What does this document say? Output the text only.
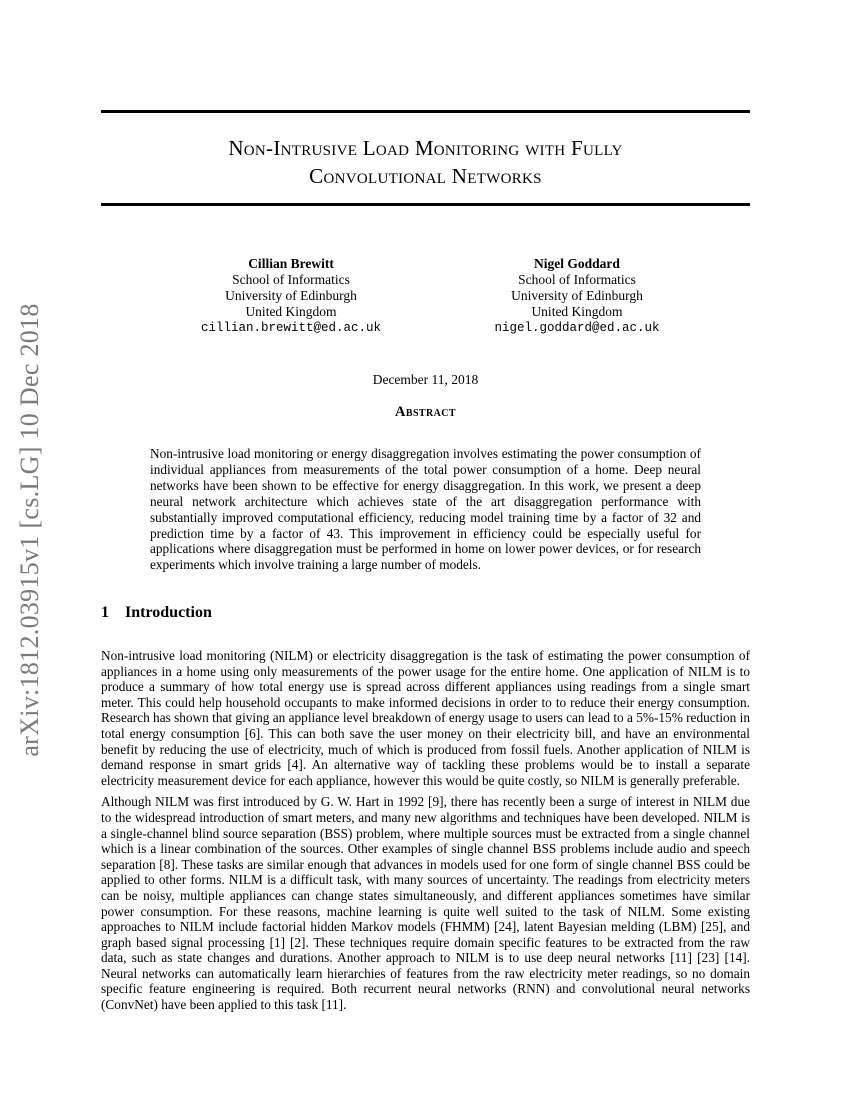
arXiv:1812.03915v1 [cs.LG] 10 Dec 2018
Non-Intrusive Load Monitoring with Fully
Convolutional Networks
Cillian Brewitt
School of Informatics
University of Edinburgh
United Kingdom
cillian.brewitt@ed.ac.uk
Nigel Goddard
School of Informatics
University of Edinburgh
United Kingdom
nigel.goddard@ed.ac.uk
December 11, 2018
Abstract
Non-intrusive load monitoring or energy disaggregation involves estimating the power consumption of individual appliances from measurements of the total power consumption of a home. Deep neural networks have been shown to be effective for energy disaggregation. In this work, we present a deep neural network architecture which achieves state of the art disaggregation performance with substantially improved computational efficiency, reducing model training time by a factor of 32 and prediction time by a factor of 43. This improvement in efficiency could be especially useful for applications where disaggregation must be performed in home on lower power devices, or for research experiments which involve training a large number of models.
1 Introduction

Non-intrusive load monitoring (NILM) or electricity disaggregation is the task of estimating the power consumption of appliances in a home using only measurements of the power usage for the entire home. One application of NILM is to produce a summary of how total energy use is spread across different appliances using readings from a single smart meter. This could help household occupants to make informed decisions in order to to reduce their energy consumption. Research has shown that giving an appliance level breakdown of energy usage to users can lead to a 5%-15% reduction in total energy consumption [6]. This can both save the user money on their electricity bill, and have an environmental benefit by reducing the use of electricity, much of which is produced from fossil fuels. Another application of NILM is demand response in smart grids [4]. An alternative way of tackling these problems would be to install a separate electricity measurement device for each appliance, however this would be quite costly, so NILM is generally preferable.

Although NILM was first introduced by G. W. Hart in 1992 [9], there has recently been a surge of interest in NILM due to the widespread introduction of smart meters, and many new algorithms and techniques have been developed. NILM is a single-channel blind source separation (BSS) problem, where multiple sources must be extracted from a single channel which is a linear combination of the sources. Other examples of single channel BSS problems include audio and speech separation [8]. These tasks are similar enough that advances in models used for one form of single channel BSS could be applied to other forms. NILM is a difficult task, with many sources of uncertainty. The readings from electricity meters can be noisy, multiple appliances can change states simultaneously, and different appliances sometimes have similar power consumption. For these reasons, machine learning is quite well suited to the task of NILM. Some existing approaches to NILM include factorial hidden Markov models (FHMM) [24], latent Bayesian melding (LBM) [25], and graph based signal processing [1] [2]. These techniques require domain specific features to be extracted from the raw data, such as state changes and durations. Another approach to NILM is to use deep neural networks [11] [23] [14]. Neural networks can automatically learn hierarchies of features from the raw electricity meter readings, so no domain specific feature engineering is required. Both recurrent neural networks (RNN) and convolutional neural networks (ConvNet) have been applied to this task [11].
